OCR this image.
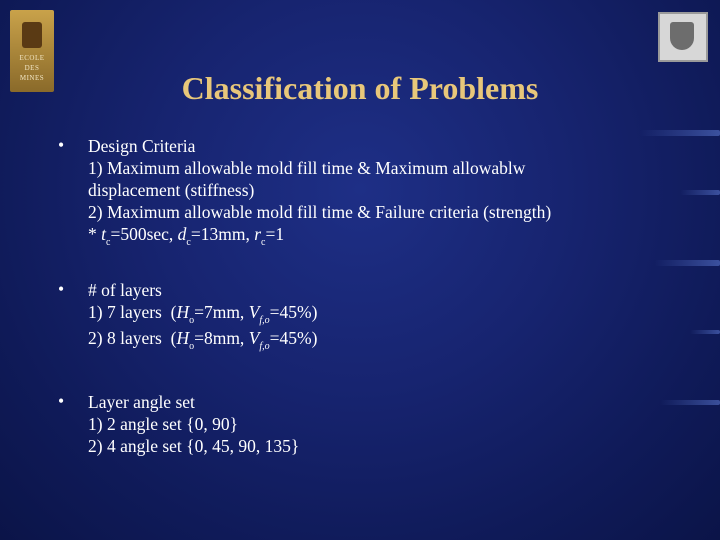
ECOLE
DES
MINES	Classification of Problems
•	Design Criteria

1) Maximum allowable mold fill time & Maximum allowablw

displacement (stiffness)

2) Maximum allowable mold fill time & Failure criteria (strength)

* $t_c=500\sec$, $d_c=13mm$, $r_c=1$

•	# of layers

1) 7 layers  ($H_o=7mm$, $V_{f,o}=45\%$)

2) 8 layers  ($H_o=8mm$, $V_{f,o}=45\%$)

•	Layer angle set

1) 2 angle set {0, 90}

2) 4 angle set {0, 45, 90, 135}
